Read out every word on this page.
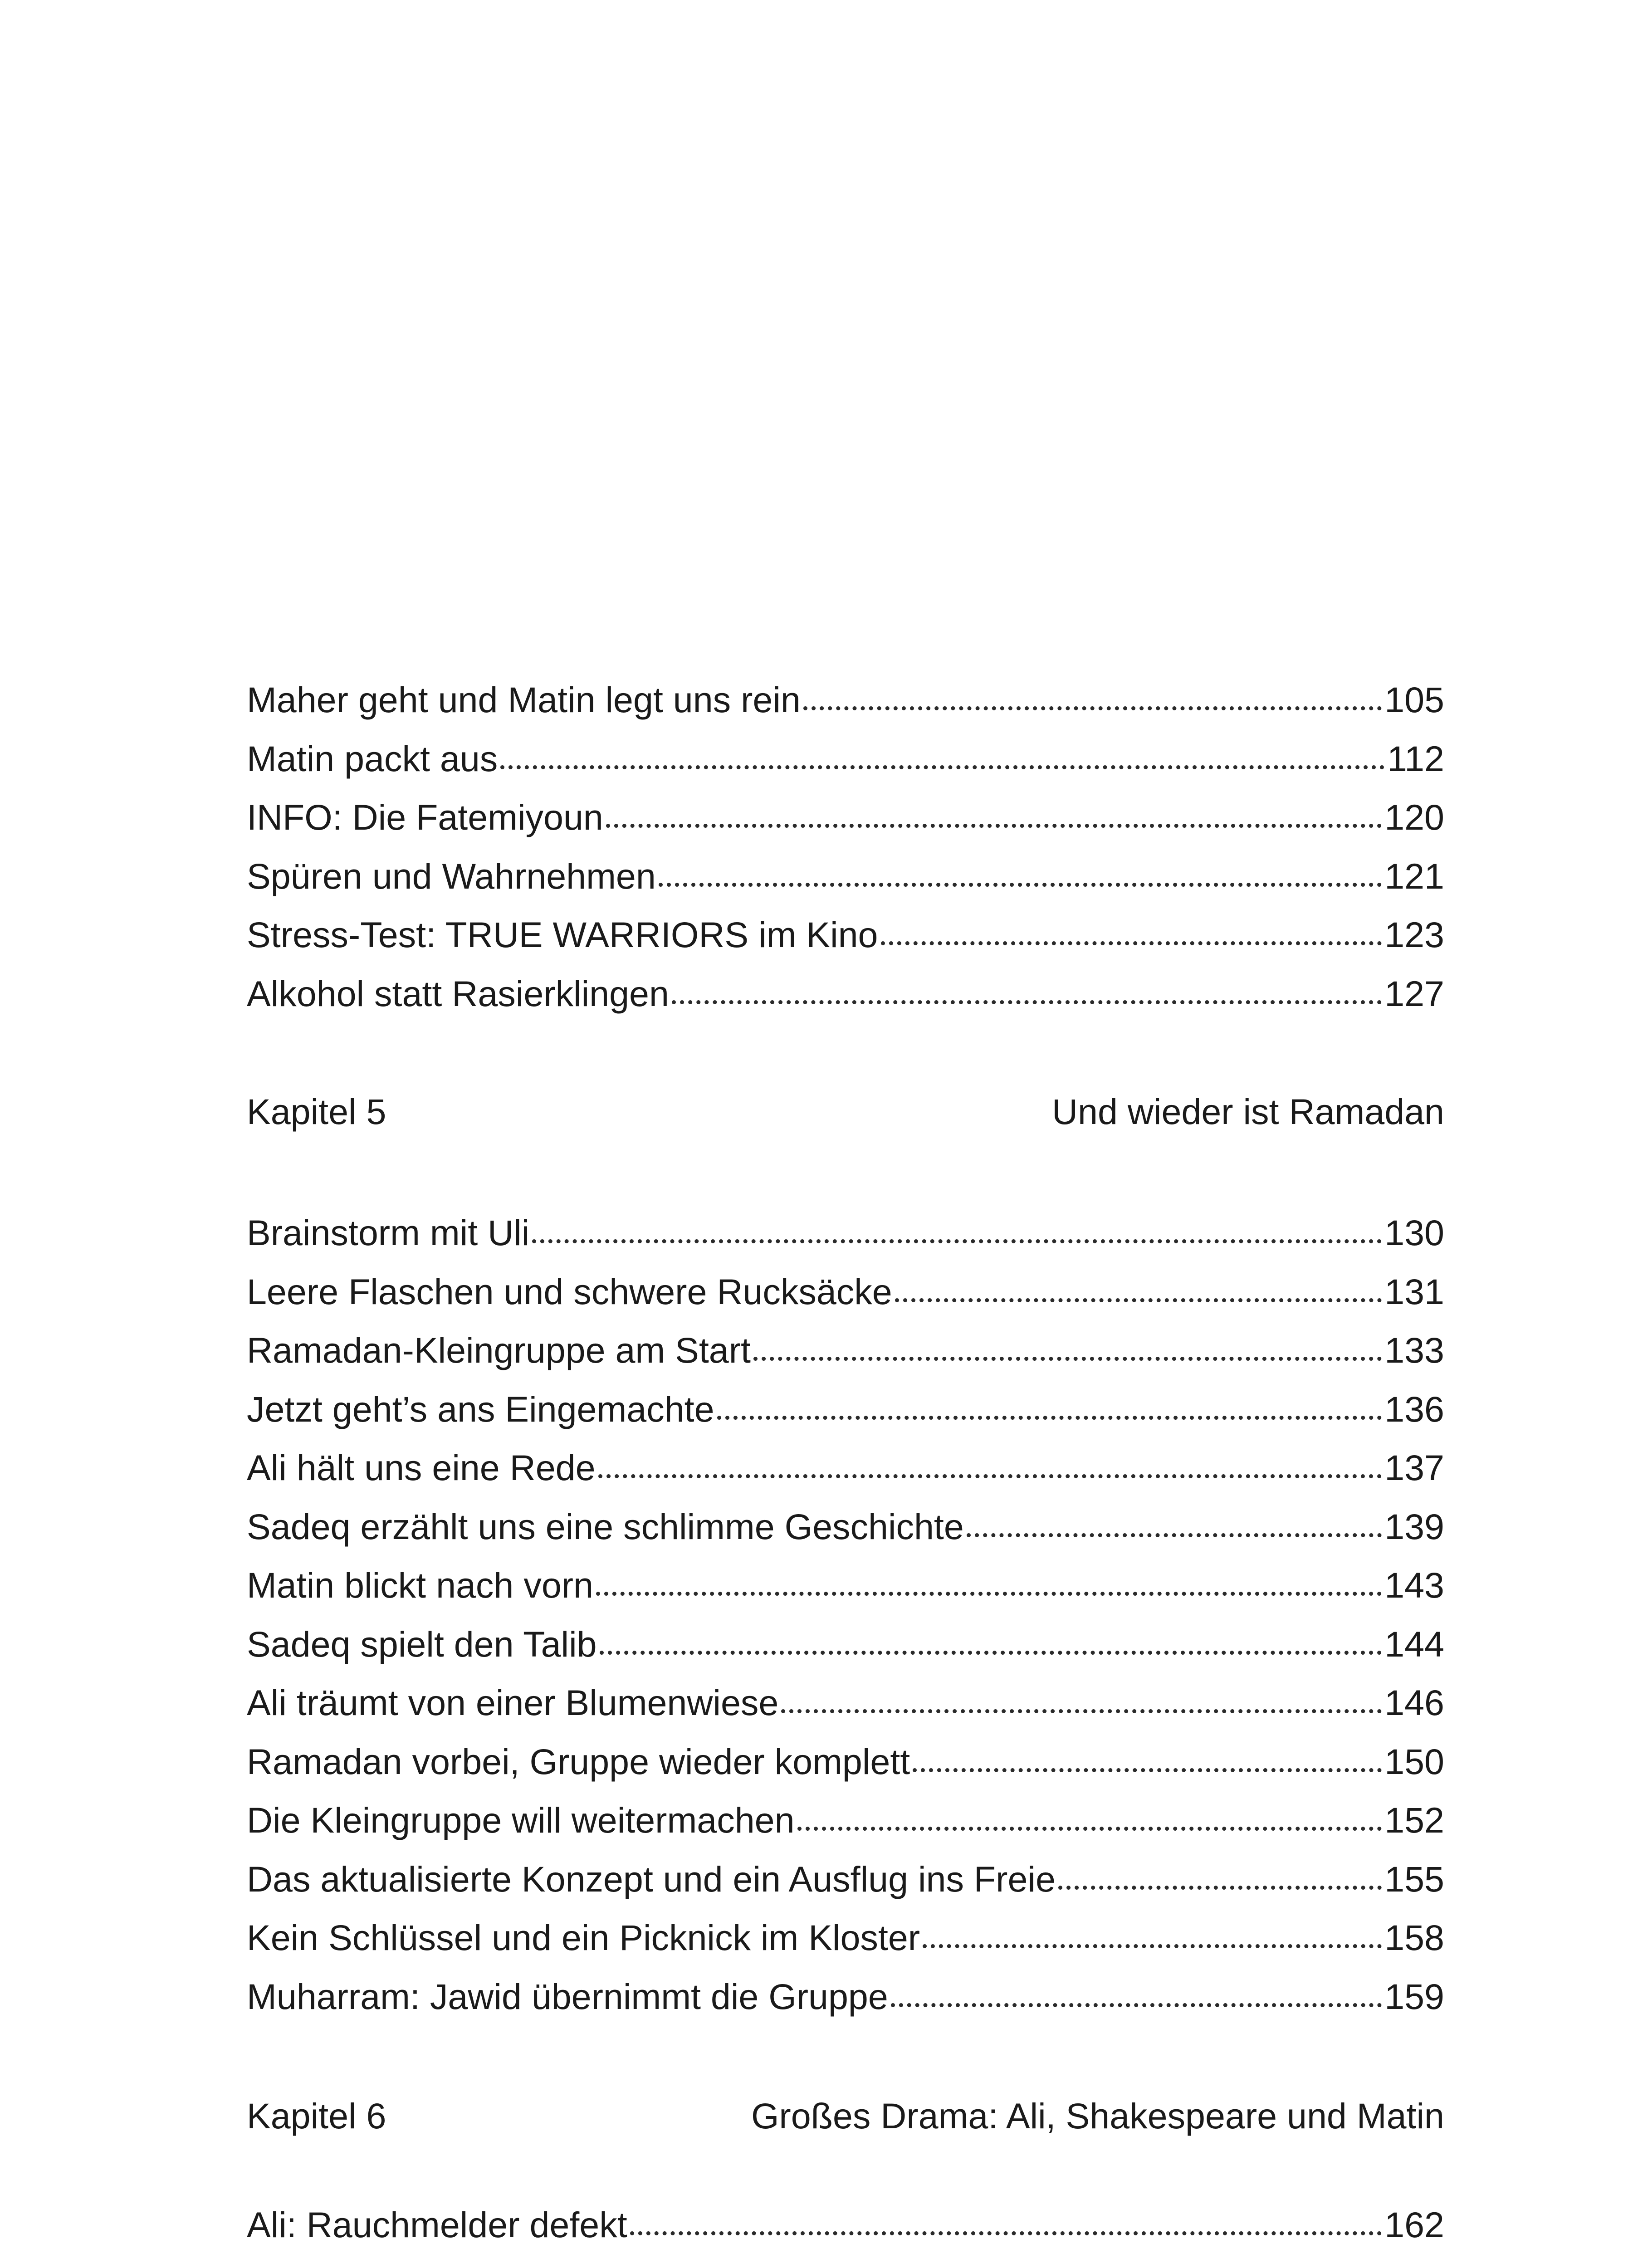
Maher geht und Matin legt uns rein	105
Matin packt aus	112
INFO: Die Fatemiyoun	120
Spüren und Wahrnehmen	121
Stress-Test: TRUE WARRIORS im Kino	123
Alkohol statt Rasierklingen	127
Kapitel 5	Und wieder ist Ramadan
Brainstorm mit Uli	130
Leere Flaschen und schwere Rucksäcke	131
Ramadan-Kleingruppe am Start	133
Jetzt geht’s ans Eingemachte	136
Ali hält uns eine Rede	137
Sadeq erzählt uns eine schlimme Geschichte	139
Matin blickt nach vorn	143
Sadeq spielt den Talib	144
Ali träumt von einer Blumenwiese	146
Ramadan vorbei, Gruppe wieder komplett	150
Die Kleingruppe will weitermachen	152
Das aktualisierte Konzept und ein Ausflug ins Freie	155
Kein Schlüssel und ein Picknick im Kloster	158
Muharram: Jawid übernimmt die Gruppe	159
Kapitel 6	Großes Drama: Ali, Shakespeare und Matin
Ali: Rauchmelder defekt	162
